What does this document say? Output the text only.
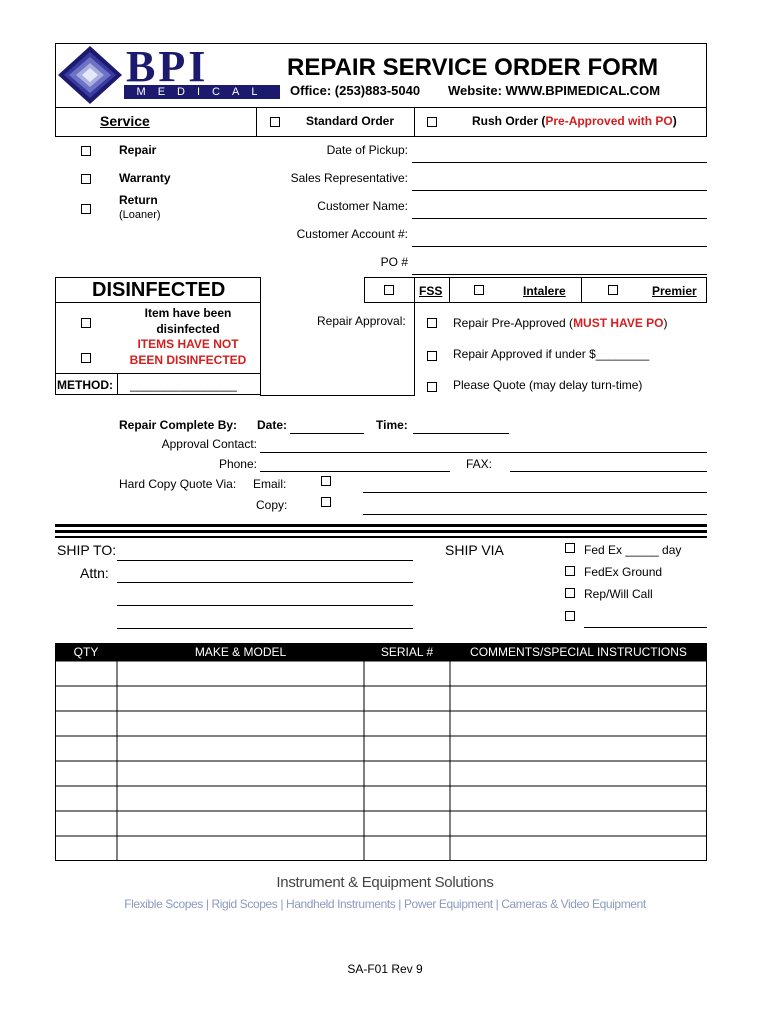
BPI
MEDICAL
REPAIR SERVICE ORDER FORM
Office: (253)883-5040 Website: WWW.BPIMEDICAL.COM
Service	Standard Order	Rush Order (Pre-Approved with PO)
Repair
Warranty
Return
(Loaner)
Date of Pickup:
Sales Representative:
Customer Name:
Customer Account #:
PO #
DISINFECTED
Item have been
disinfected
ITEMS HAVE NOT
BEEN DISINFECTED
METHOD: ________________
FSS	Intalere	Premier
Repair Approval:	Repair Pre-Approved (MUST HAVE PO)
Repair Approved if under $________
Please Quote (may delay turn-time)
Repair Complete By: Date:	Time:
Approval Contact:
Phone:	FAX:
Hard Copy Quote Via: Email:
Copy:
SHIP TO:
Attn:
SHIP VIA	Fed Ex _____ day
FedEx Ground
Rep/Will Call
QTY	MAKE & MODEL	SERIAL #	COMMENTS/SPECIAL INSTRUCTIONS
Instrument & Equipment Solutions
Flexible Scopes | Rigid Scopes | Handheld Instruments | Power Equipment | Cameras & Video Equipment
SA-F01 Rev 9
